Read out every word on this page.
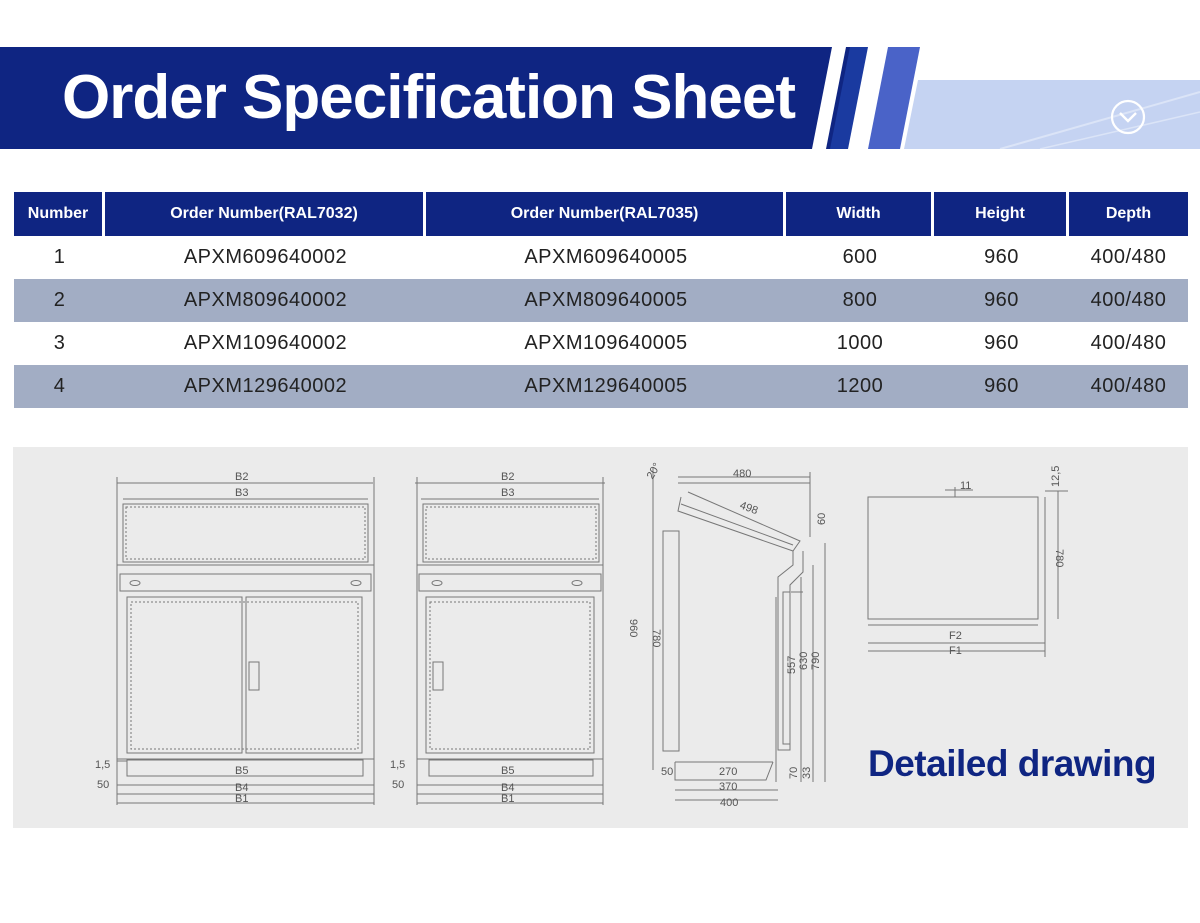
Order Specification Sheet
Number	Order Number(RAL7032)	Order Number(RAL7035)	Width	Height	Depth
1	APXM609640002	APXM609640005	600	960	400/480
2	APXM809640002	APXM809640005	800	960	400/480
3	APXM109640002	APXM109640005	1000	960	400/480
4	APXM129640002	APXM129640005	1200	960	400/480
B2
B3
B5
B4
B1
1,5
50
B2
B3
B5
B4
B1
1,5
50
480
20°
498
60
960
780
557 630 790
50	270
370
400
70 33
11	12,5
780
F2
F1
Detailed drawing
